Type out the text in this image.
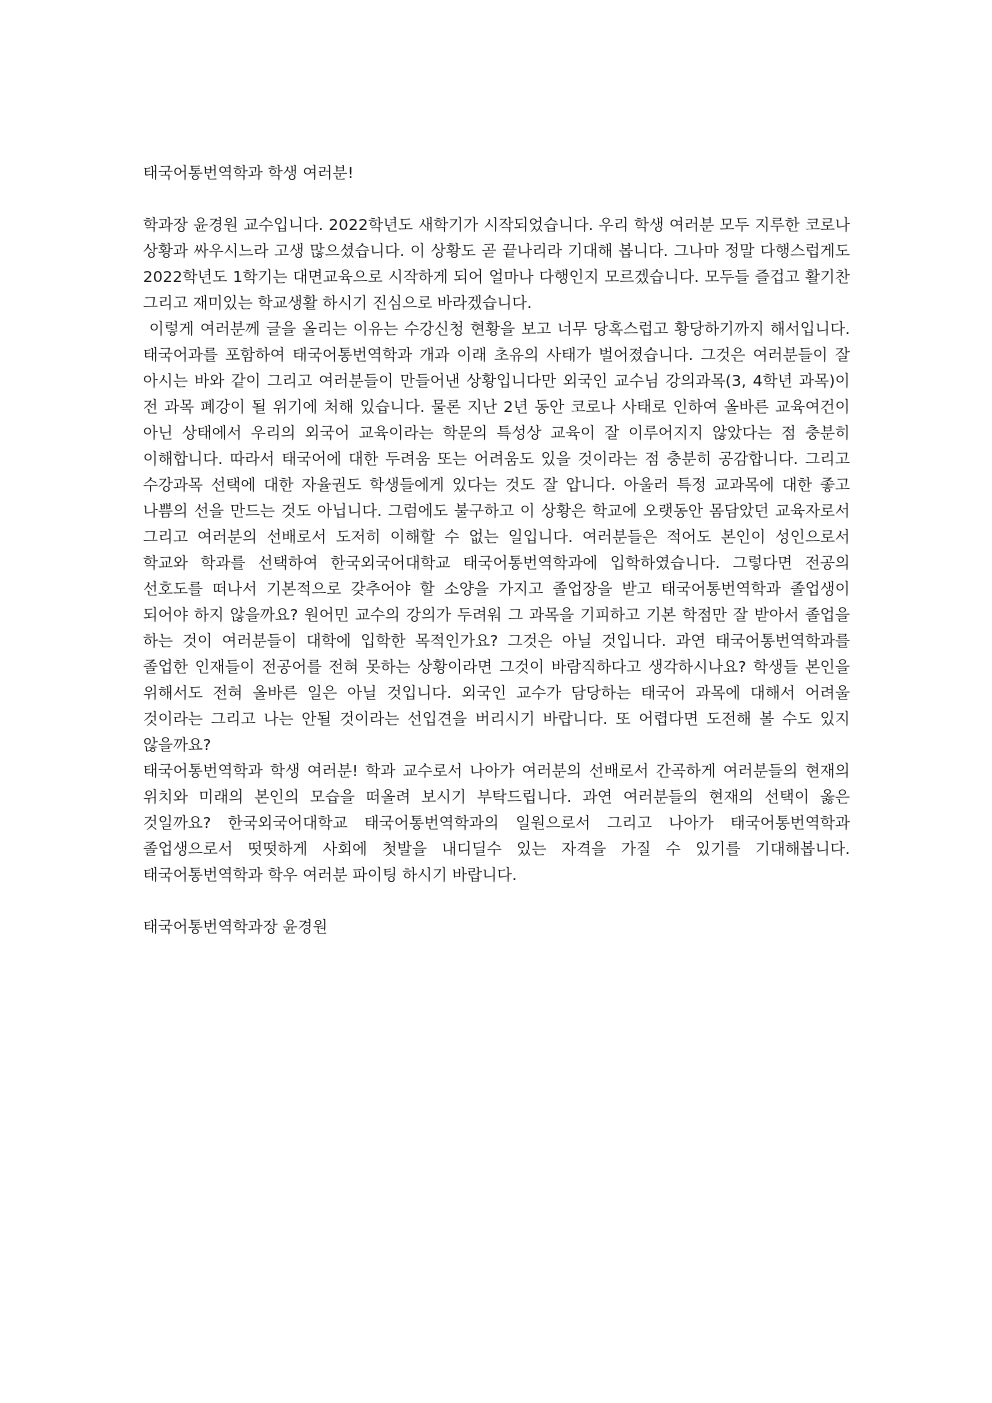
태국어통번역학과 학생 여러분!

학과장 윤경원 교수입니다. 2022학년도 새학기가 시작되었습니다. 우리 학생 여러분 모두 지루한 코로나 상황과 싸우시느라 고생 많으셨습니다. 이 상황도 곧 끝나리라 기대해 봅니다. 그나마 정말 다행스럽게도 2022학년도 1학기는 대면교육으로 시작하게 되어 얼마나 다행인지 모르겠습니다. 모두들 즐겁고 활기찬 그리고 재미있는 학교생활 하시기 진심으로 바라겠습니다.

이렇게 여러분께 글을 올리는 이유는 수강신청 현황을 보고 너무 당혹스럽고 황당하기까지 해서입니다. 태국어과를 포함하여 태국어통번역학과 개과 이래 초유의 사태가 벌어졌습니다. 그것은 여러분들이 잘 아시는 바와 같이 그리고 여러분들이 만들어낸 상황입니다만 외국인 교수님 강의과목(3, 4학년 과목)이 전 과목 폐강이 될 위기에 처해 있습니다. 물론 지난 2년 동안 코로나 사태로 인하여 올바른 교육여건이 아닌 상태에서 우리의 외국어 교육이라는 학문의 특성상 교육이 잘 이루어지지 않았다는 점 충분히 이해합니다. 따라서 태국어에 대한 두려움 또는 어려움도 있을 것이라는 점 충분히 공감합니다. 그리고 수강과목 선택에 대한 자율권도 학생들에게 있다는 것도 잘 압니다. 아울러 특정 교과목에 대한 좋고 나쁨의 선을 만드는 것도 아닙니다. 그럼에도 불구하고 이 상황은 학교에 오랫동안 몸담았던 교육자로서 그리고 여러분의 선배로서 도저히 이해할 수 없는 일입니다. 여러분들은 적어도 본인이 성인으로서 학교와 학과를 선택하여 한국외국어대학교 태국어통번역학과에 입학하였습니다. 그렇다면 전공의 선호도를 떠나서 기본적으로 갖추어야 할 소양을 가지고 졸업장을 받고 태국어통번역학과 졸업생이 되어야 하지 않을까요? 원어민 교수의 강의가 두려워 그 과목을 기피하고 기본 학점만 잘 받아서 졸업을 하는 것이 여러분들이 대학에 입학한 목적인가요? 그것은 아닐 것입니다. 과연 태국어통번역학과를 졸업한 인재들이 전공어를 전혀 못하는 상황이라면 그것이 바람직하다고 생각하시나요? 학생들 본인을 위해서도 전혀 올바른 일은 아닐 것입니다. 외국인 교수가 담당하는 태국어 과목에 대해서 어려울 것이라는 그리고 나는 안될 것이라는 선입견을 버리시기 바랍니다. 또 어렵다면 도전해 볼 수도 있지 않을까요?

태국어통번역학과 학생 여러분! 학과 교수로서 나아가 여러분의 선배로서 간곡하게 여러분들의 현재의 위치와 미래의 본인의 모습을 떠올려 보시기 부탁드립니다. 과연 여러분들의 현재의 선택이 옳은 것일까요? 한국외국어대학교 태국어통번역학과의 일원으로서 그리고 나아가 태국어통번역학과 졸업생으로서 떳떳하게 사회에 첫발을 내디딜수 있는 자격을 가질 수 있기를 기대해봅니다. 태국어통번역학과 학우 여러분 파이팅 하시기 바랍니다.

태국어통번역학과장 윤경원
